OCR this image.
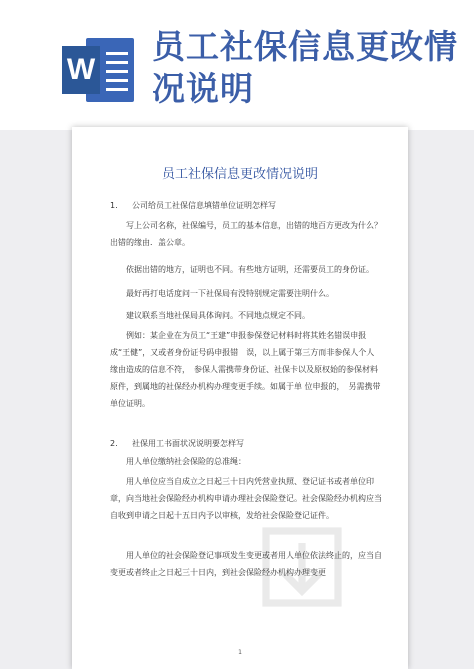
W
员工社保信息更改情况说明
员工社保信息更改情况说明
1. 公司给员工社保信息填错单位证明怎样写
写上公司名称，社保编号，员工的基本信息，出错的地百方更改为什么？出错的缘由．盖公章。
依据出错的地方，证明也不同。有些地方证明，还需要员工的身份证。
最好再打电话度问一下社保局有没特别规定需要注明什么。
建议联系当地社保局具体询问。不同地点规定不同。
例如：某企业在为员工“王建”申报参保登记材料时将其姓名错误申报成“王健”，又或者身份证号码申报错　误，以上属于第三方而非参保人个人缘由造成的信息不符，　参保人需携带身份证、社保卡以及原权始的参保材料原件，到属地的社保经办机构办理变更手续。如属于单 位申报的，　另需携带单位证明。
2. 社保用工书面状况说明要怎样写
用人单位缴纳社会保险的总准绳：
用人单位应当自成立之日起三十日内凭营业执照、登记证书或者单位印章，向当地社会保险经办机构申请办理社会保险登记。社会保险经办机构应当自收到申请之日起十五日内予以审核，发给社会保险登记证件。
用人单位的社会保险登记事项发生变更或者用人单位依法终止的，应当自变更或者终止之日起三十日内，到社会保险经办机构办理变更
1
